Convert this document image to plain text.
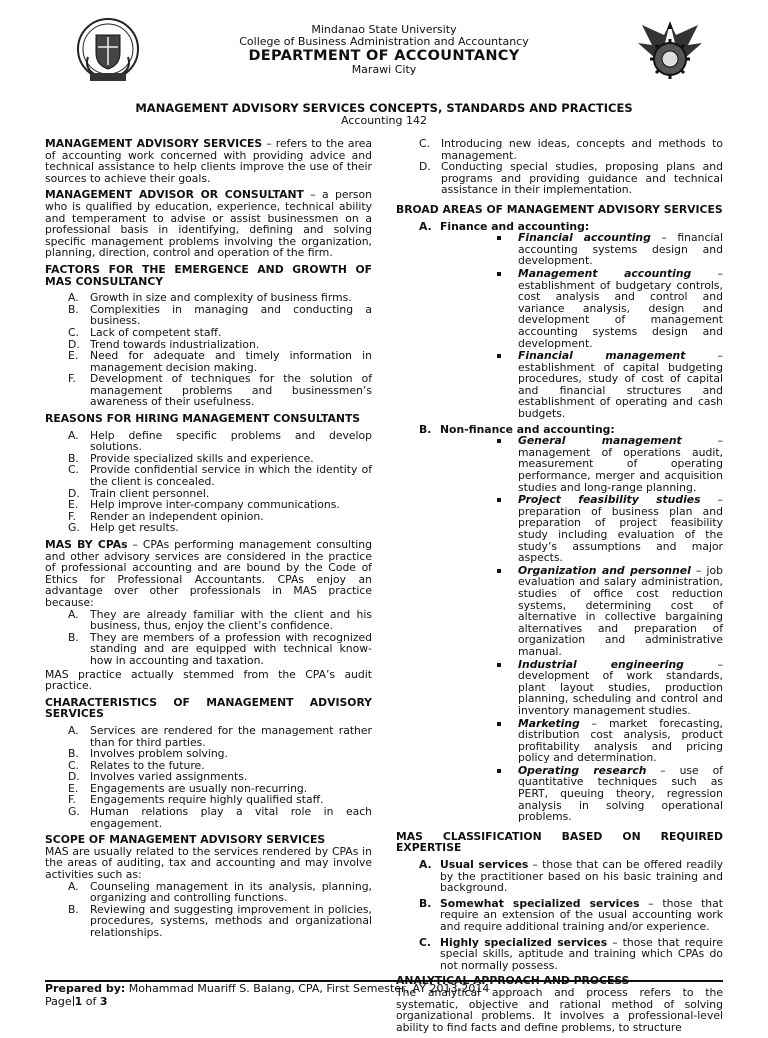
Mindanao State University
College of Business Administration and Accountancy
DEPARTMENT OF ACCOUNTANCY
Marawi City
MANAGEMENT ADVISORY SERVICES CONCEPTS, STANDARDS AND PRACTICES
Accounting 142

MANAGEMENT ADVISORY SERVICES – refers to the area of accounting work concerned with providing advice and technical assistance to help clients improve the use of their sources to achieve their goals.

MANAGEMENT ADVISOR OR CONSULTANT – a person who is qualified by education, experience, technical ability and temperament to advise or assist businessmen on a professional basis in identifying, defining and solving specific management problems involving the organization, planning, direction, control and operation of the firm.

FACTORS FOR THE EMERGENCE AND GROWTH OF MAS CONSULTANCY
A. Growth in size and complexity of business firms.
B. Complexities in managing and conducting a business.
C. Lack of competent staff.
D. Trend towards industrialization.
E. Need for adequate and timely information in management decision making.
F. Development of techniques for the solution of management problems and businessmen’s awareness of their usefulness.
REASONS FOR HIRING MANAGEMENT CONSULTANTS
A. Help define specific problems and develop solutions.
B. Provide specialized skills and experience.
C. Provide confidential service in which the identity of the client is concealed.
D. Train client personnel.
E. Help improve inter-company communications.
F. Render an independent opinion.
G. Help get results.

MAS BY CPAs – CPAs performing management consulting and other advisory services are considered in the practice of professional accounting and are bound by the Code of Ethics for Professional Accountants. CPAs enjoy an advantage over other professionals in MAS practice because:

A. They are already familiar with the client and his business, thus, enjoy the client’s confidence.
B. They are members of a profession with recognized standing and are equipped with technical know-how in accounting and taxation.

MAS practice actually stemmed from the CPA’s audit practice.

CHARACTERISTICS OF MANAGEMENT ADVISORY SERVICES
A. Services are rendered for the management rather than for third parties.
B. Involves problem solving.
C. Relates to the future.
D. Involves varied assignments.
E. Engagements are usually non-recurring.
F. Engagements require highly qualified staff.
G. Human relations play a vital role in each engagement.
SCOPE OF MANAGEMENT ADVISORY SERVICES

MAS are usually related to the services rendered by CPAs in the areas of auditing, tax and accounting and may involve activities such as:

A. Counseling management in its analysis, planning, organizing and controlling functions.
B. Reviewing and suggesting improvement in policies, procedures, systems, methods and organizational relationships.
C. Introducing new ideas, concepts and methods to management.
D. Conducting special studies, proposing plans and programs and providing guidance and technical assistance in their implementation.
BROAD AREAS OF MANAGEMENT ADVISORY SERVICES
A. Finance and accounting:
Financial accounting – financial accounting systems design and development.
Management accounting – establishment of budgetary controls, cost analysis and control and variance analysis, design and development of management accounting systems design and development.
Financial management – establishment of capital budgeting procedures, study of cost of capital and financial structures and establishment of operating and cash budgets.
B. Non-finance and accounting:
General management – management of operations audit, measurement of operating performance, merger and acquisition studies and long-range planning.
Project feasibility studies – preparation of business plan and preparation of project feasibility study including evaluation of the study’s assumptions and major aspects.
Organization and personnel – job evaluation and salary administration, studies of office cost reduction systems, determining cost of alternative in collective bargaining alternatives and preparation of organization and administrative manual.
Industrial engineering – development of work standards, plant layout studies, production planning, scheduling and control and inventory management studies.
Marketing – market forecasting, distribution cost analysis, product profitability analysis and pricing policy and determination.
Operating research – use of quantitative techniques such as PERT, queuing theory, regression analysis in solving operational problems.
MAS CLASSIFICATION BASED ON REQUIRED EXPERTISE
A. Usual services – those that can be offered readily by the practitioner based on his basic training and background.
B. Somewhat specialized services – those that require an extension of the usual accounting work and require additional training and/or experience.
C. Highly specialized services – those that require special skills, aptitude and training which CPAs do not normally possess.
ANALYTICAL APPROACH AND PROCESS

The analytical approach and process refers to the systematic, objective and rational method of solving organizational problems. It involves a professional-level ability to find facts and define problems, to structure

Prepared by: Mohammad Muariff S. Balang, CPA, First Semester, AY 2013-2014
Page 1 of 3
